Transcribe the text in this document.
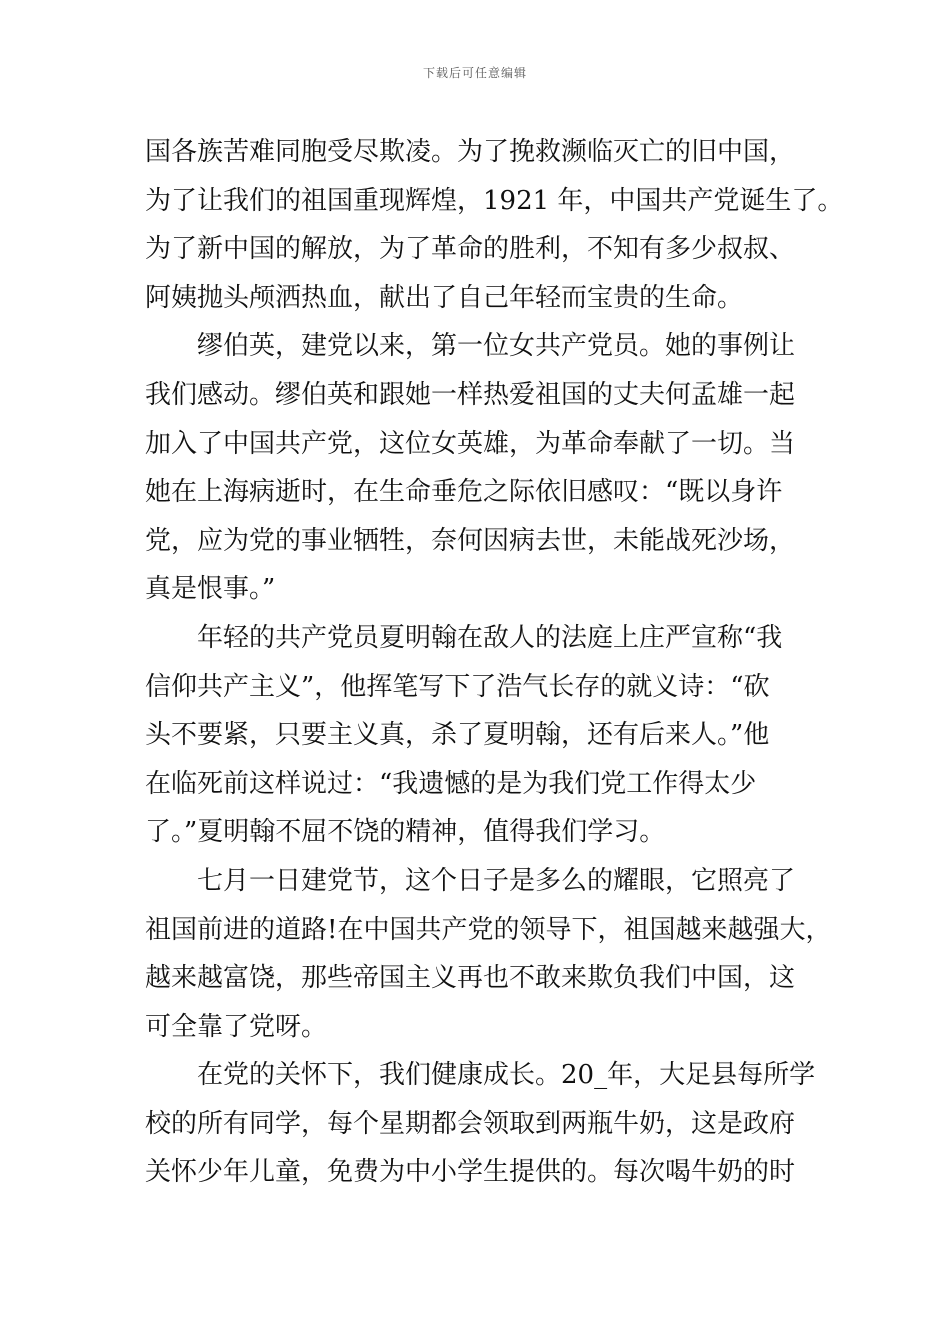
下载后可任意编辑
国各族苦难同胞受尽欺凌。为了挽救濒临灭亡的旧中国，
为了让我们的祖国重现辉煌，1921 年，中国共产党诞生了。
为了新中国的解放，为了革命的胜利，不知有多少叔叔、
阿姨抛头颅洒热血，献出了自己年轻而宝贵的生命。
缪伯英，建党以来，第一位女共产党员。她的事例让
我们感动。缪伯英和跟她一样热爱祖国的丈夫何孟雄一起
加入了中国共产党，这位女英雄，为革命奉献了一切。当
她在上海病逝时，在生命垂危之际依旧感叹：“既以身许
党，应为党的事业牺牲，奈何因病去世，未能战死沙场，
真是恨事。”
年轻的共产党员夏明翰在敌人的法庭上庄严宣称“我
信仰共产主义”，他挥笔写下了浩气长存的就义诗：“砍
头不要紧，只要主义真，杀了夏明翰，还有后来人。”他
在临死前这样说过：“我遗憾的是为我们党工作得太少
了。”夏明翰不屈不饶的精神，值得我们学习。
七月一日建党节，这个日子是多么的耀眼，它照亮了
祖国前进的道路!在中国共产党的领导下，祖国越来越强大，
越来越富饶，那些帝国主义再也不敢来欺负我们中国，这
可全靠了党呀。
在党的关怀下，我们健康成长。20_年，大足县每所学
校的所有同学，每个星期都会领取到两瓶牛奶，这是政府
关怀少年儿童，免费为中小学生提供的。每次喝牛奶的时
